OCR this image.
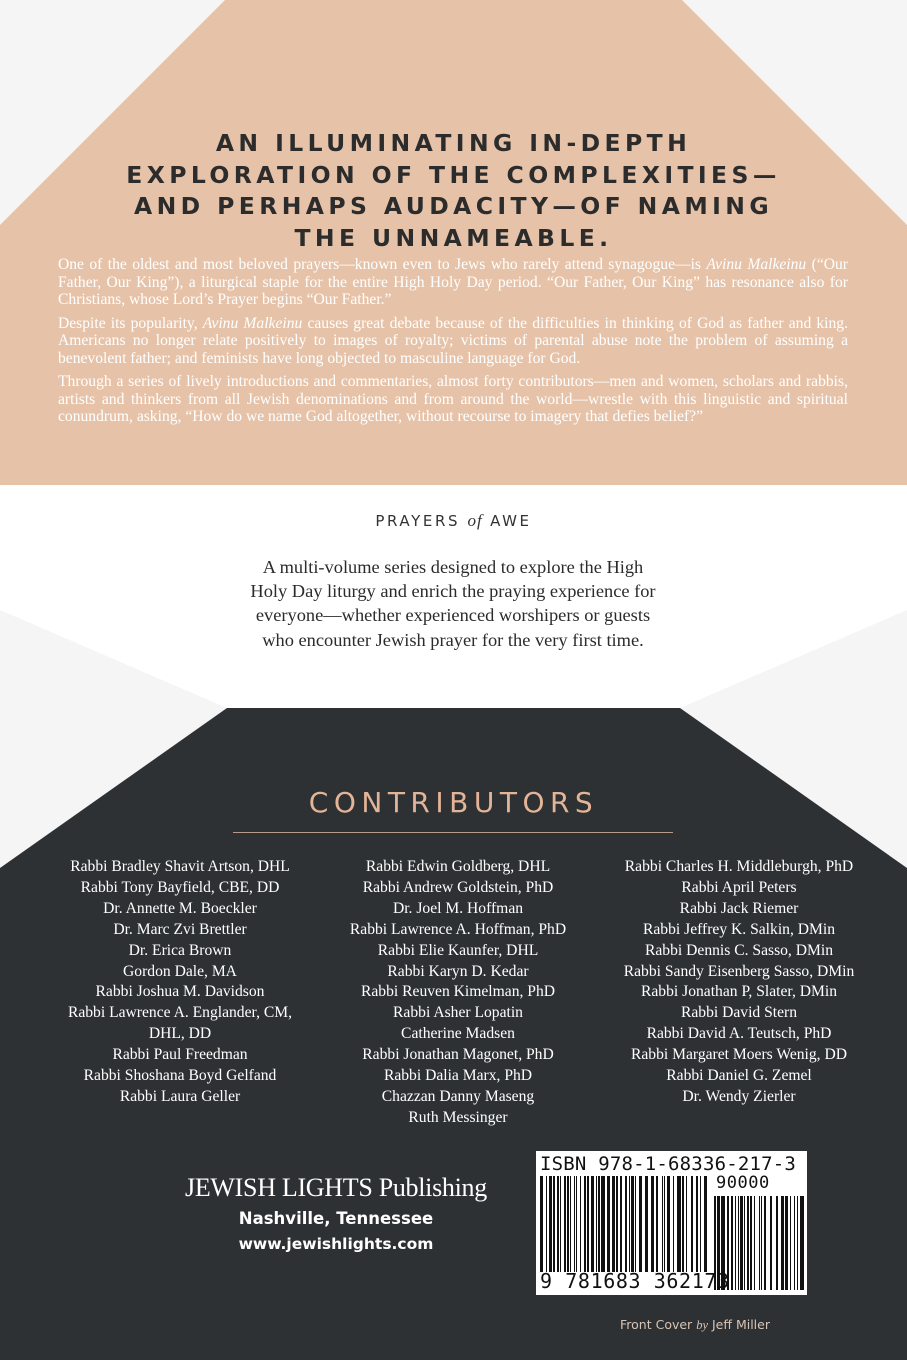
AN ILLUMINATING IN-DEPTH
EXPLORATION OF THE COMPLEXITIES—
AND PERHAPS AUDACITY—OF NAMING
THE UNNAMEABLE.

One of the oldest and most beloved prayers—known even to Jews who rarely attend synagogue—is Avinu Malkeinu (“Our Father, Our King”), a liturgical staple for the entire High Holy Day period. “Our Father, Our King” has resonance also for Christians, whose Lord’s Prayer begins “Our Father.”

Despite its popularity, Avinu Malkeinu causes great debate because of the difficulties in thinking of God as father and king. Americans no longer relate positively to images of royalty; victims of parental abuse note the problem of assuming a benevolent father; and feminists have long objected to masculine language for God.

Through a series of lively introductions and commentaries, almost forty contributors—men and women, scholars and rabbis, artists and thinkers from all Jewish denominations and from around the world—wrestle with this linguistic and spiritual conundrum, asking, “How do we name God altogether, without recourse to imagery that defies belief?”

PRAYERS of AWE
A multi-volume series designed to explore the High Holy Day liturgy and enrich the praying experience for everyone—whether experienced worshipers or guests who encounter Jewish prayer for the very first time.
CONTRIBUTORS
Rabbi Bradley Shavit Artson, DHL
Rabbi Tony Bayfield, CBE, DD
Dr. Annette M. Boeckler
Dr. Marc Zvi Brettler
Dr. Erica Brown
Gordon Dale, MA
Rabbi Joshua M. Davidson
Rabbi Lawrence A. Englander, CM,
DHL, DD
Rabbi Paul Freedman
Rabbi Shoshana Boyd Gelfand
Rabbi Laura Geller
Rabbi Edwin Goldberg, DHL
Rabbi Andrew Goldstein, PhD
Dr. Joel M. Hoffman
Rabbi Lawrence A. Hoffman, PhD
Rabbi Elie Kaunfer, DHL
Rabbi Karyn D. Kedar
Rabbi Reuven Kimelman, PhD
Rabbi Asher Lopatin
Catherine Madsen
Rabbi Jonathan Magonet, PhD
Rabbi Dalia Marx, PhD
Chazzan Danny Maseng
Ruth Messinger
Rabbi Charles H. Middleburgh, PhD
Rabbi April Peters
Rabbi Jack Riemer
Rabbi Jeffrey K. Salkin, DMin
Rabbi Dennis C. Sasso, DMin
Rabbi Sandy Eisenberg Sasso, DMin
Rabbi Jonathan P, Slater, DMin
Rabbi David Stern
Rabbi David A. Teutsch, PhD
Rabbi Margaret Moers Wenig, DD
Rabbi Daniel G. Zemel
Dr. Wendy Zierler
JEWISH LIGHTS Publishing
Nashville, Tennessee
www.jewishlights.com
ISBN 978-1-68336-217-3
90000
9 781683 362173
Front Cover by Jeff Miller
